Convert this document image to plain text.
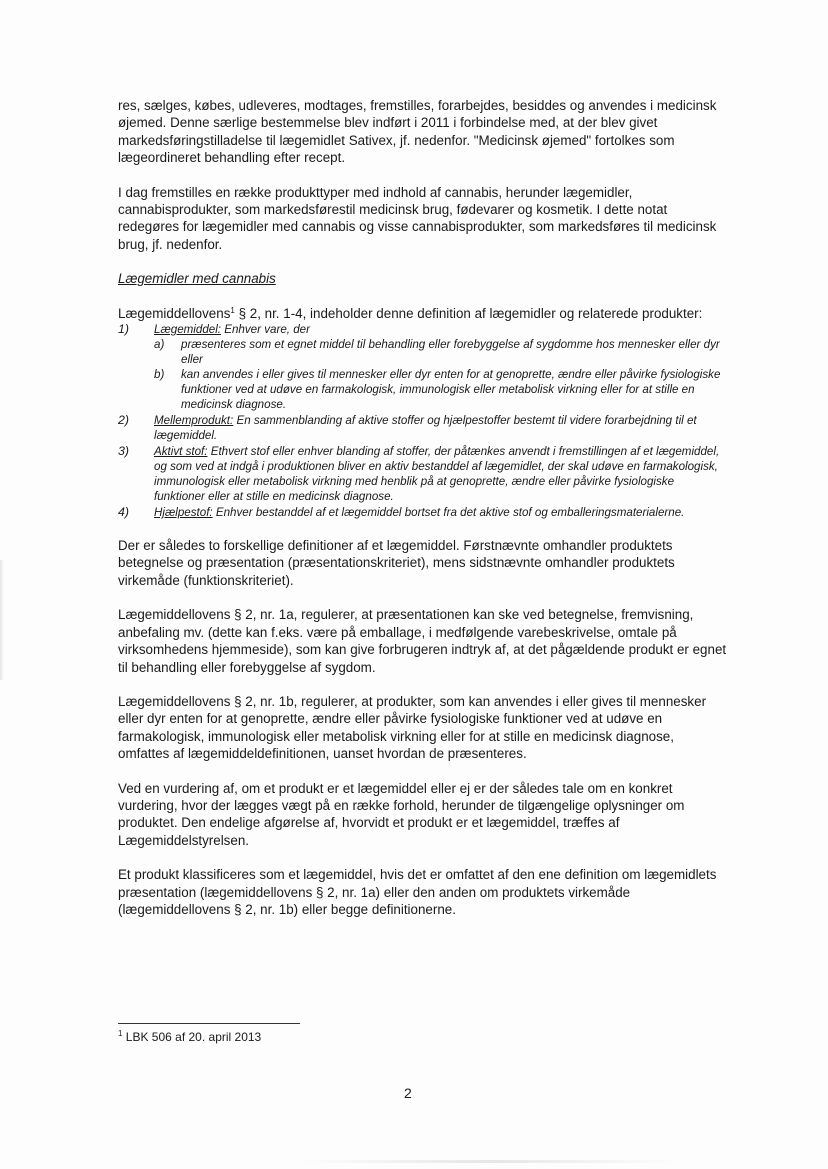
res, sælges, købes, udleveres, modtages, fremstilles, forarbejdes, besiddes og anvendes i medicinsk øjemed. Denne særlige bestemmelse blev indført i 2011 i forbindelse med, at der blev givet markedsføringstilladelse til lægemidlet Sativex, jf. nedenfor. "Medicinsk øjemed" fortolkes som lægeordineret behandling efter recept.

I dag fremstilles en række produkttyper med indhold af cannabis, herunder lægemidler, cannabisprodukter, som markedsførestil medicinsk brug, fødevarer og kosmetik. I dette notat redegøres for lægemidler med cannabis og visse cannabisprodukter, som markedsføres til medicinsk brug, jf. nedenfor.

Lægemidler med cannabis

Lægemiddellovens$^1$ § 2, nr. 1-4, indeholder denne definition af lægemidler og relaterede produkter:

1) Lægemiddel: Enhver vare, der
a) præsenteres som et egnet middel til behandling eller forebyggelse af sygdomme hos mennesker eller dyr eller
b) kan anvendes i eller gives til mennesker eller dyr enten for at genoprette, ændre eller påvirke fysiologiske funktioner ved at udøve en farmakologisk, immunologisk eller metabolisk virkning eller for at stille en medicinsk diagnose.
2) Mellemprodukt: En sammenblanding af aktive stoffer og hjælpestoffer bestemt til videre forarbejdning til et lægemiddel.
3) Aktivt stof: Ethvert stof eller enhver blanding af stoffer, der påtænkes anvendt i fremstillingen af et lægemiddel, og som ved at indgå i produktionen bliver en aktiv bestanddel af lægemidlet, der skal udøve en farmakologisk, immunologisk eller metabolisk virkning med henblik på at genoprette, ændre eller påvirke fysiologiske funktioner eller at stille en medicinsk diagnose.
4) Hjælpestof: Enhver bestanddel af et lægemiddel bortset fra det aktive stof og emballeringsmaterialerne.

Der er således to forskellige definitioner af et lægemiddel. Førstnævnte omhandler produktets betegnelse og præsentation (præsentationskriteriet), mens sidstnævnte omhandler produktets virkemåde (funktionskriteriet).

Lægemiddellovens § 2, nr. 1a, regulerer, at præsentationen kan ske ved betegnelse, fremvisning, anbefaling mv. (dette kan f.eks. være på emballage, i medfølgende varebeskrivelse, omtale på virksomhedens hjemmeside), som kan give forbrugeren indtryk af, at det pågældende produkt er egnet til behandling eller forebyggelse af sygdom.

Lægemiddellovens § 2, nr. 1b, regulerer, at produkter, som kan anvendes i eller gives til mennesker eller dyr enten for at genoprette, ændre eller påvirke fysiologiske funktioner ved at udøve en farmakologisk, immunologisk eller metabolisk virkning eller for at stille en medicinsk diagnose, omfattes af lægemiddeldefinitionen, uanset hvordan de præsenteres.

Ved en vurdering af, om et produkt er et lægemiddel eller ej er der således tale om en konkret vurdering, hvor der lægges vægt på en række forhold, herunder de tilgængelige oplysninger om produktet. Den endelige afgørelse af, hvorvidt et produkt er et lægemiddel, træffes af Lægemiddelstyrelsen.

Et produkt klassificeres som et lægemiddel, hvis det er omfattet af den ene definition om lægemidlets præsentation (lægemiddellovens § 2, nr. 1a) eller den anden om produktets virkemåde (lægemiddellovens § 2, nr. 1b) eller begge definitionerne.

$^1$ LBK 506 af 20. april 2013
2
